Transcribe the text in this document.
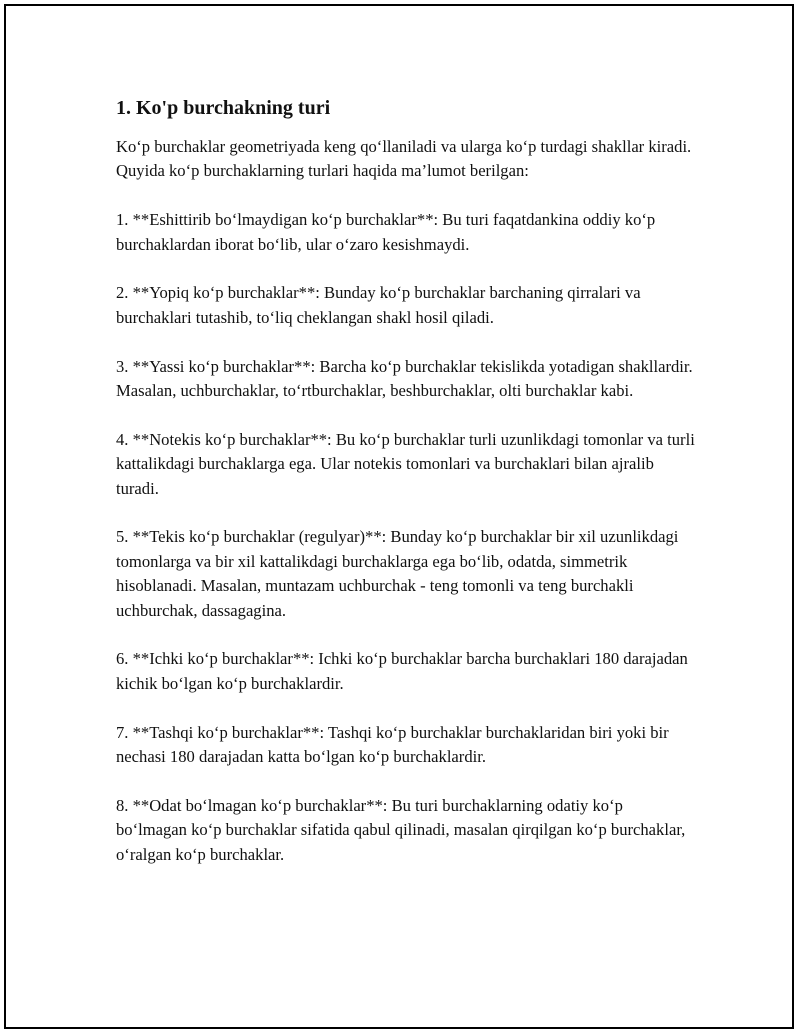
1. Ko'p burchakning turi

Ko‘p burchaklar geometriyada keng qo‘llaniladi va ularga ko‘p turdagi shakllar kiradi. Quyida ko‘p burchaklarning turlari haqida ma’lumot berilgan:

1. **Eshittirib bo‘lmaydigan ko‘p burchaklar**: Bu turi faqatdankina oddiy ko‘p burchaklardan iborat bo‘lib, ular o‘zaro kesishmaydi.

2. **Yopiq ko‘p burchaklar**: Bunday ko‘p burchaklar barchaning qirralari va burchaklari tutashib, to‘liq cheklangan shakl hosil qiladi.

3. **Yassi ko‘p burchaklar**: Barcha ko‘p burchaklar tekislikda yotadigan shakllardir. Masalan, uchburchaklar, to‘rtburchaklar, beshburchaklar, olti burchaklar kabi.

4. **Notekis ko‘p burchaklar**: Bu ko‘p burchaklar turli uzunlikdagi tomonlar va turli kattalikdagi burchaklarga ega. Ular notekis tomonlari va burchaklari bilan ajralib turadi.

5. **Tekis ko‘p burchaklar (regulyar)**: Bunday ko‘p burchaklar bir xil uzunlikdagi tomonlarga va bir xil kattalikdagi burchaklarga ega bo‘lib, odatda, simmetrik hisoblanadi. Masalan, muntazam uchburchak - teng tomonli va teng burchakli uchburchak, dassagagina.

6. **Ichki ko‘p burchaklar**: Ichki ko‘p burchaklar barcha burchaklari 180 darajadan kichik bo‘lgan ko‘p burchaklardir.

7. **Tashqi ko‘p burchaklar**: Tashqi ko‘p burchaklar burchaklaridan biri yoki bir nechasi 180 darajadan katta bo‘lgan ko‘p burchaklardir.

8. **Odat bo‘lmagan ko‘p burchaklar**: Bu turi burchaklarning odatiy ko‘p bo‘lmagan ko‘p burchaklar sifatida qabul qilinadi, masalan qirqilgan ko‘p burchaklar, o‘ralgan ko‘p burchaklar.
